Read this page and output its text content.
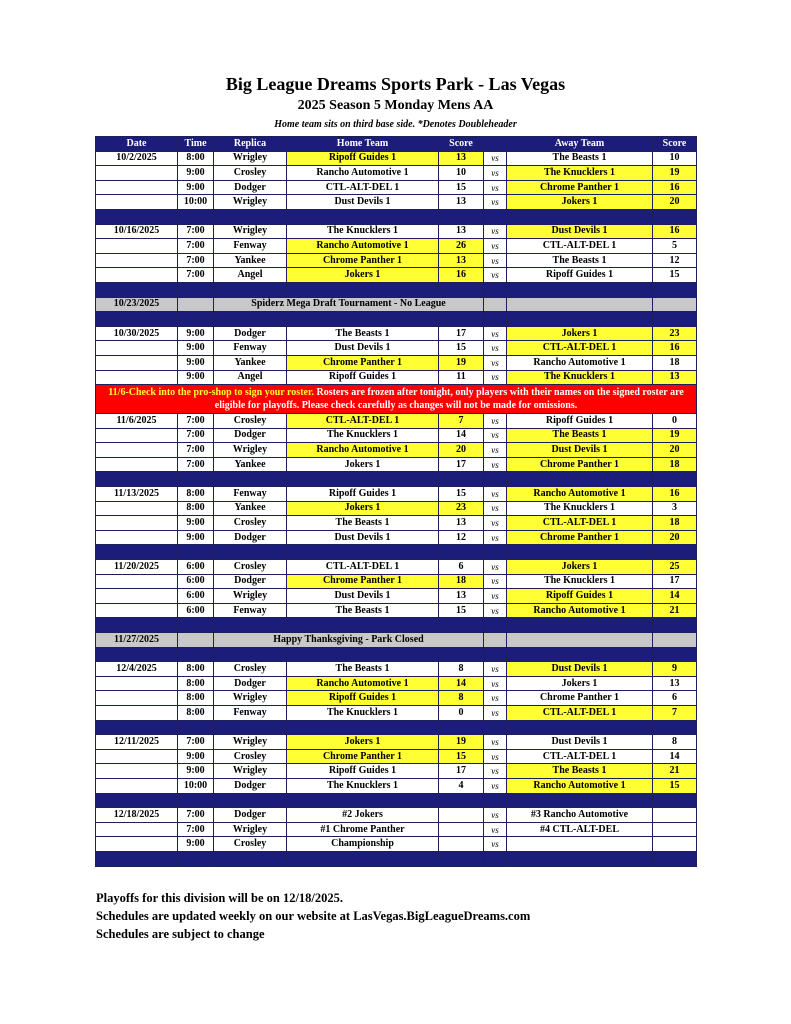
Big League Dreams Sports Park - Las Vegas
2025 Season 5 Monday Mens AA
Home team sits on third base side. *Denotes Doubleheader
Date	Time	Replica	Home Team	Score		Away Team	Score
10/2/2025	8:00	Wrigley	Ripoff Guides 1	13	vs	The Beasts 1	10
	9:00	Crosley	Rancho Automotive 1	10	vs	The Knucklers 1	19
	9:00	Dodger	CTL-ALT-DEL 1	15	vs	Chrome Panther 1	16
	10:00	Wrigley	Dust Devils 1	13	vs	Jokers 1	20

10/16/2025	7:00	Wrigley	The Knucklers 1	13	vs	Dust Devils 1	16
	7:00	Fenway	Rancho Automotive 1	26	vs	CTL-ALT-DEL 1	5
	7:00	Yankee	Chrome Panther 1	13	vs	The Beasts 1	12
	7:00	Angel	Jokers 1	16	vs	Ripoff Guides 1	15

10/23/2025		Spiderz Mega Draft Tournament - No League					

10/30/2025	9:00	Dodger	The Beasts 1	17	vs	Jokers 1	23
	9:00	Fenway	Dust Devils 1	15	vs	CTL-ALT-DEL 1	16
	9:00	Yankee	Chrome Panther 1	19	vs	Rancho Automotive 1	18
	9:00	Angel	Ripoff Guides 1	11	vs	The Knucklers 1	13
11/6-Check into the pro-shop to sign your roster. Rosters are frozen after tonight, only players with their names on the signed roster are eligible for playoffs. Please check carefully as changes will not be made for omissions.							
11/6/2025	7:00	Crosley	CTL-ALT-DEL 1	7	vs	Ripoff Guides 1	0
	7:00	Dodger	The Knucklers 1	14	vs	The Beasts 1	19
	7:00	Wrigley	Rancho Automotive 1	20	vs	Dust Devils 1	20
	7:00	Yankee	Jokers 1	17	vs	Chrome Panther 1	18

11/13/2025	8:00	Fenway	Ripoff Guides 1	15	vs	Rancho Automotive 1	16
	8:00	Yankee	Jokers 1	23	vs	The Knucklers 1	3
	9:00	Crosley	The Beasts 1	13	vs	CTL-ALT-DEL 1	18
	9:00	Dodger	Dust Devils 1	12	vs	Chrome Panther 1	20

11/20/2025	6:00	Crosley	CTL-ALT-DEL 1	6	vs	Jokers 1	25
	6:00	Dodger	Chrome Panther 1	18	vs	The Knucklers 1	17
	6:00	Wrigley	Dust Devils 1	13	vs	Ripoff Guides 1	14
	6:00	Fenway	The Beasts 1	15	vs	Rancho Automotive 1	21

11/27/2025		Happy Thanksgiving - Park Closed					

12/4/2025	8:00	Crosley	The Beasts 1	8	vs	Dust Devils 1	9
	8:00	Dodger	Rancho Automotive 1	14	vs	Jokers 1	13
	8:00	Wrigley	Ripoff Guides 1	8	vs	Chrome Panther 1	6
	8:00	Fenway	The Knucklers 1	0	vs	CTL-ALT-DEL 1	7

12/11/2025	7:00	Wrigley	Jokers 1	19	vs	Dust Devils 1	8
	9:00	Crosley	Chrome Panther 1	15	vs	CTL-ALT-DEL 1	14
	9:00	Wrigley	Ripoff Guides 1	17	vs	The Beasts 1	21
	10:00	Dodger	The Knucklers 1	4	vs	Rancho Automotive 1	15

12/18/2025	7:00	Dodger	#2 Jokers		vs	#3 Rancho Automotive	
	7:00	Wrigley	#1 Chrome Panther		vs	#4 CTL-ALT-DEL	
	9:00	Crosley	Championship		vs		

Playoffs for this division will be on 12/18/2025.
Schedules are updated weekly on our website at LasVegas.BigLeagueDreams.com
Schedules are subject to change
